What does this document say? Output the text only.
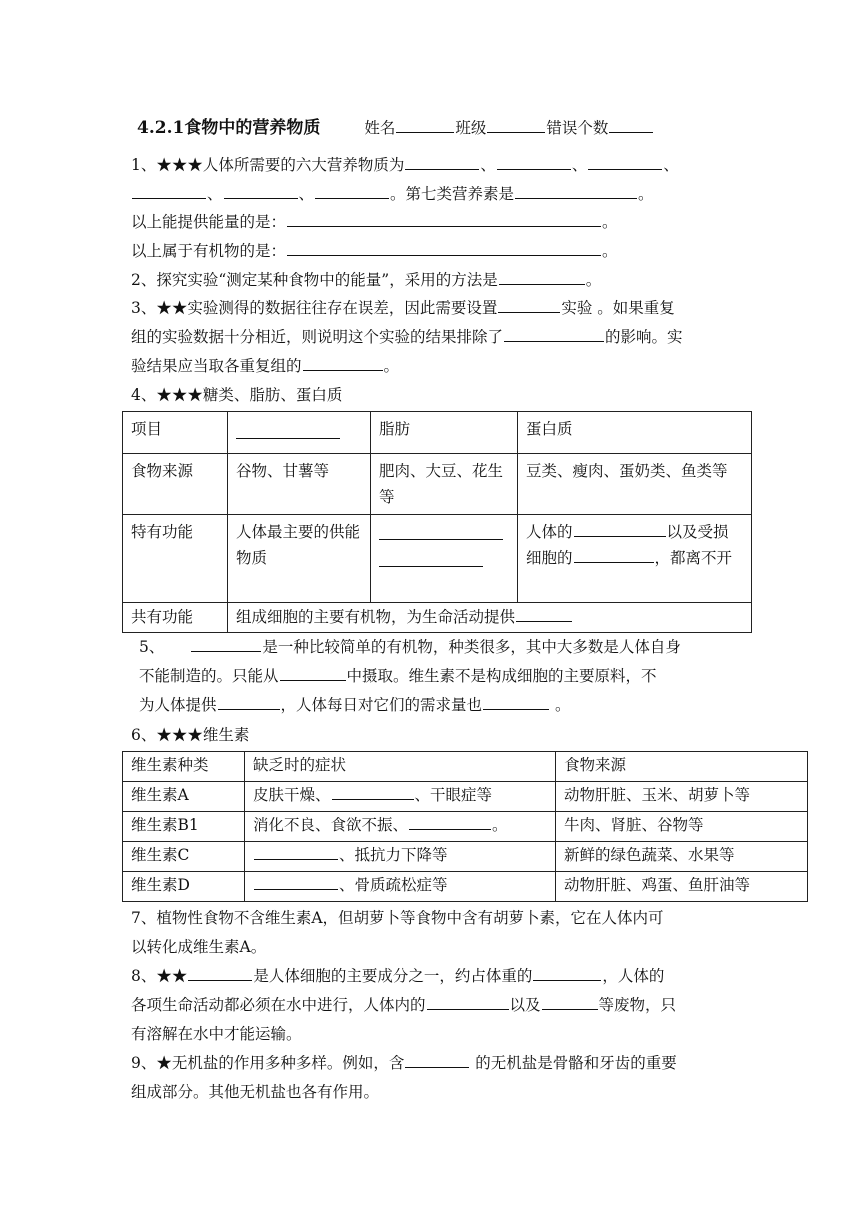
4.2.1食物中的营养物质	姓名	班级	错误个数
1、★★★人体所需要的六大营养物质为	、	、	、
、	、	。第七类营养素是	。
以上能提供能量的是：	。
以上属于有机物的是：	。
2、探究实验“测定某种食物中的能量”，采用的方法是	。
3、★★实验测得的数据往往存在误差，因此需要设置	实验 。如果重复
组的实验数据十分相近，则说明这个实验的结果排除了	的影响。实
验结果应当取各重复组的	。
4、★★★糖类、脂肪、蛋白质
项目		脂肪	蛋白质
食物来源	谷物、甘薯等	肥肉、大豆、花生等	豆类、瘦肉、蛋奶类、鱼类等
特有功能	人体最主要的供能物质		人体的 以及受损细胞的 ，都离不开
共有功能	组成细胞的主要有机物，为生命活动提供		
5、	是一种比较简单的有机物，种类很多，其中大多数是人体自身
不能制造的。只能从	中摄取。维生素不是构成细胞的主要原料，不
为人体提供	，人体每日对它们的需求量也	。
6、★★★维生素
维生素种类	缺乏时的症状	食物来源
维生素A	皮肤干燥、 、干眼症等	动物肝脏、玉米、胡萝卜等
维生素B1	消化不良、食欲不振、 。	牛肉、肾脏、谷物等
维生素C	、抵抗力下降等	新鲜的绿色蔬菜、水果等
维生素D	、骨质疏松症等	动物肝脏、鸡蛋、鱼肝油等
7、植物性食物不含维生素A，但胡萝卜等食物中含有胡萝卜素，它在人体内可
以转化成维生素A。
8、★★	是人体细胞的主要成分之一，约占体重的	，人体的
各项生命活动都必须在水中进行，人体内的	以及	等废物，只
有溶解在水中才能运输。
9、★无机盐的作用多种多样。例如，含	的无机盐是骨骼和牙齿的重要
组成部分。其他无机盐也各有作用。
